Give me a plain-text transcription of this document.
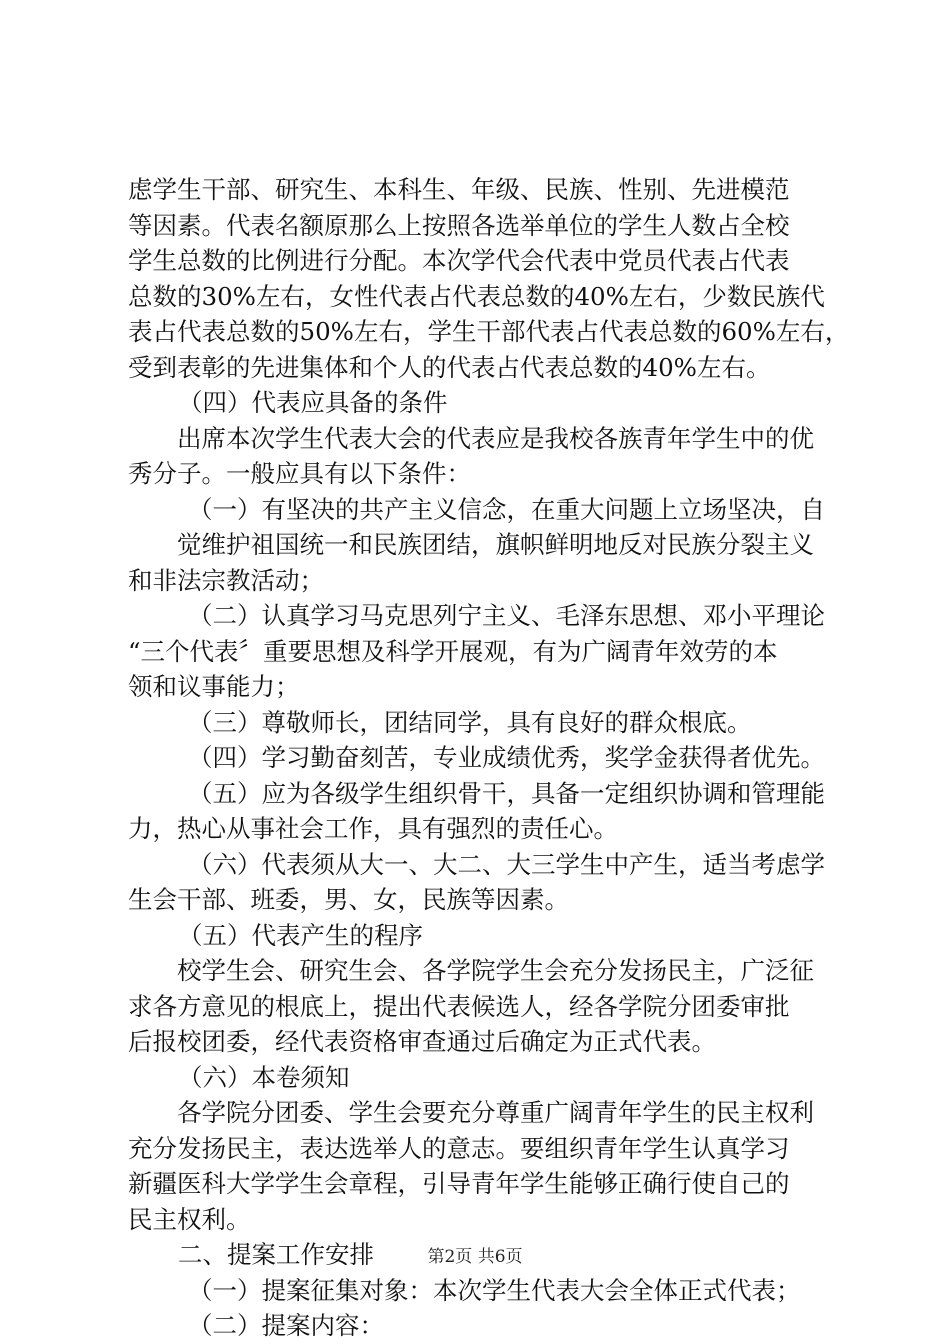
虑学生干部、研究生、本科生、年级、民族、性别、先进模范
等因素。代表名额原那么上按照各选举单位的学生人数占全校
学生总数的比例进行分配。本次学代会代表中党员代表占代表
总数的30%左右，女性代表占代表总数的40%左右，少数民族代
表占代表总数的50%左右，学生干部代表占代表总数的60%左右，
受到表彰的先进集体和个人的代表占代表总数的40%左右。
（四）代表应具备的条件
出席本次学生代表大会的代表应是我校各族青年学生中的优
秀分子。一般应具有以下条件：
（一）有坚决的共产主义信念，在重大问题上立场坚决，自
觉维护祖国统一和民族团结，旗帜鲜明地反对民族分裂主义
和非法宗教活动；
（二）认真学习马克思列宁主义、毛泽东思想、邓小平理论
“三个代表〞重要思想及科学开展观，有为广阔青年效劳的本
领和议事能力；
（三）尊敬师长，团结同学，具有良好的群众根底。
（四）学习勤奋刻苦，专业成绩优秀，奖学金获得者优先。
（五）应为各级学生组织骨干，具备一定组织协调和管理能
力，热心从事社会工作，具有强烈的责任心。
（六）代表须从大一、大二、大三学生中产生，适当考虑学
生会干部、班委，男、女，民族等因素。
（五）代表产生的程序
校学生会、研究生会、各学院学生会充分发扬民主，广泛征
求各方意见的根底上，提出代表候选人，经各学院分团委审批
后报校团委，经代表资格审查通过后确定为正式代表。
（六）本卷须知
各学院分团委、学生会要充分尊重广阔青年学生的民主权利
充分发扬民主，表达选举人的意志。要组织青年学生认真学习
新疆医科大学学生会章程，引导青年学生能够正确行使自己的
民主权利。
二、提案工作安排
（一）提案征集对象：本次学生代表大会全体正式代表；
（二）提案内容：
第2页 共6页
